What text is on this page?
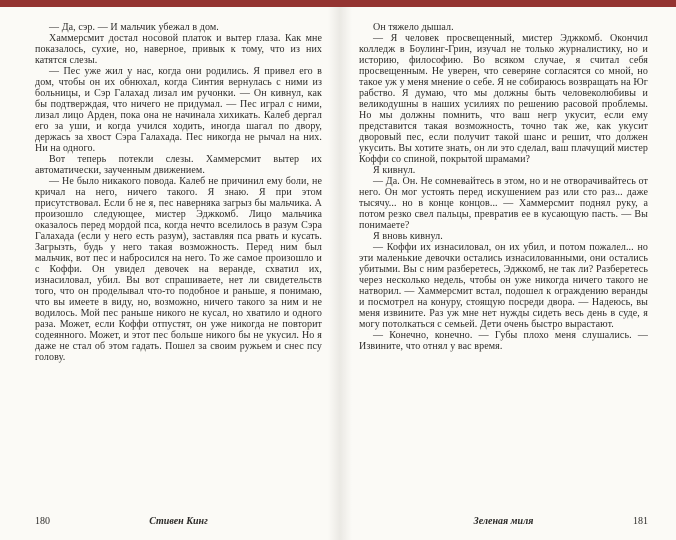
— Да, сэр. — И мальчик убежал в дом.

Хаммерсмит достал носовой платок и вытер глаза. Как мне показалось, сухие, но, наверное, привык к тому, что из них катятся слезы.

— Пес уже жил у нас, когда они родились. Я привел его в дом, чтобы он их обнюхал, когда Синтия вернулась с ними из больницы, и Сэр Галахад лизал им ручонки. — Он кивнул, как бы подтверждая, что ничего не придумал. — Пес играл с ними, лизал лицо Арден, пока она не начинала хихикать. Калеб дергал его за уши, и когда учился ходить, иногда шагал по двору, держась за хвост Сэра Галахада. Пес никогда не рычал на них. Ни на одного.

Вот теперь потекли слезы. Хаммерсмит вытер их автоматически, заученным движением.

— Не было никакого повода. Калеб не причинил ему боли, не кричал на него, ничего такого. Я знаю. Я при этом присутствовал. Если б не я, пес наверняка загрыз бы мальчика. А произошло следующее, мистер Эджкомб. Лицо мальчика оказалось перед мордой пса, когда нечто вселилось в разум Сэра Галахада (если у него есть разум), заставляя пса рвать и кусать. Загрызть, будь у него такая возможность. Перед ним был мальчик, вот пес и набросился на него. То же самое произошло и с Коффи. Он увидел девочек на веранде, схватил их, изнасиловал, убил. Вы вот спрашиваете, нет ли свидетельств того, что он проделывал что-то подобное и раньше, я понимаю, что вы имеете в виду, но, возможно, ничего такого за ним и не водилось. Мой пес раньше никого не кусал, но хватило и одного раза. Может, если Коффи отпустят, он уже никогда не повторит содеянного. Может, и этот пес больше никого бы не укусил. Но я даже не стал об этом гадать. Пошел за своим ружьем и снес псу голову.

180	Стивен Кинг

Он тяжело дышал.

— Я человек просвещенный, мистер Эджкомб. Окончил колледж в Боулинг-Грин, изучал не только журналистику, но и историю, философию. Во всяком случае, я считал себя просвещенным. Не уверен, что северяне согласятся со мной, но такое уж у меня мнение о себе. Я не собираюсь возвращать на Юг рабство. Я думаю, что мы должны быть человеколюбивы и великодушны в наших усилиях по решению расовой проблемы. Но мы должны помнить, что ваш негр укусит, если ему представится такая возможность, точно так же, как укусит дворовый пес, если получит такой шанс и решит, что должен укусить. Вы хотите знать, он ли это сделал, ваш плачущий мистер Коффи со спиной, покрытой шрамами?

Я кивнул.

— Да. Он. Не сомневайтесь в этом, но и не отворачивайтесь от него. Он мог устоять перед искушением раз или сто раз... даже тысячу... но в конце концов... — Хаммерсмит поднял руку, а потом резко свел пальцы, превратив ее в кусающую пасть. — Вы понимаете?

Я вновь кивнул.

— Коффи их изнасиловал, он их убил, и потом пожалел... но эти маленькие девочки остались изнасилованными, они остались убитыми. Вы с ним разберетесь, Эджкомб, не так ли? Разберетесь через несколько недель, чтобы он уже никогда ничего такого не натворил. — Хаммерсмит встал, подошел к ограждению веранды и посмотрел на конуру, стоящую посреди двора. — Надеюсь, вы меня извините. Раз уж мне нет нужды сидеть весь день в суде, я могу потолкаться с семьей. Дети очень быстро вырастают.

— Конечно, конечно. — Губы плохо меня слушались. — Извините, что отнял у вас время.

Зеленая миля	181
